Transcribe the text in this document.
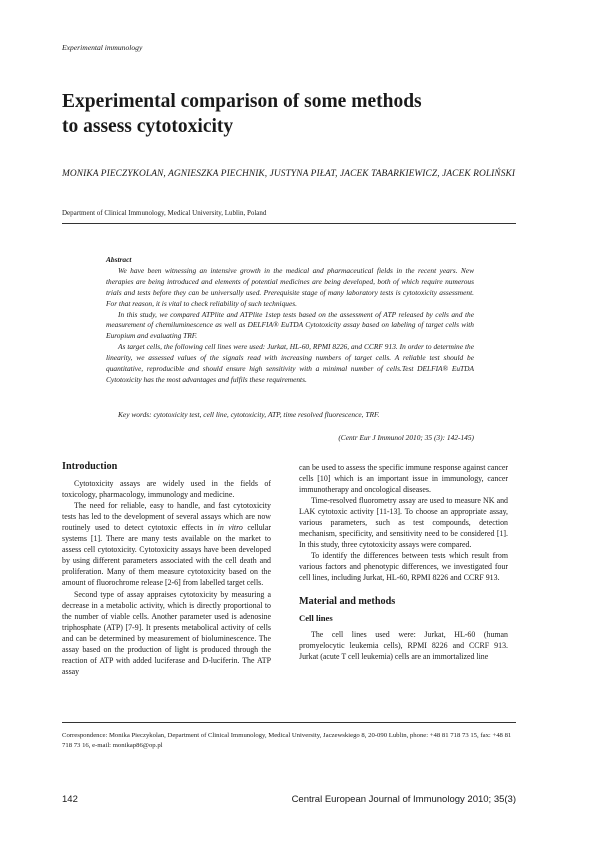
Experimental immunology
Experimental comparison of some methods
to assess cytotoxicity
MONIKA PIECZYKOLAN, AGNIESZKA PIECHNIK, JUSTYNA PIŁAT, JACEK TABARKIEWICZ, JACEK ROLIŃSKI
Department of Clinical Immunology, Medical University, Lublin, Poland

Abstract

We have been witnessing an intensive growth in the medical and pharmaceutical fields in the recent years. New therapies are being introduced and elements of potential medicines are being developed, both of which require numerous trials and tests before they can be universally used. Prerequisite stage of many laboratory tests is cytotoxicity assessment. For that reason, it is vital to check reliability of such techniques.

In this study, we compared ATPlite and ATPlite 1step tests based on the assessment of ATP released by cells and the measurement of chemiluminescence as well as DELFIA® EuTDA Cytotoxicity assay based on labeling of target cells with Europium and evaluating TRF.

As target cells, the following cell lines were used: Jurkat, HL-60, RPMI 8226, and CCRF 913. In order to determine the linearity, we assessed values of the signals read with increasing numbers of target cells. A reliable test should be quantitative, reproducible and should ensure high sensitivity with a minimal number of cells.Test DELFIA® EuTDA Cytotoxicity has the most advantages and fulfils these requirements.

Key words: cytotoxicity test, cell line, cytotoxicity, ATP, time resolved fluorescence, TRF.
(Centr Eur J Immunol 2010; 35 (3): 142-145)
Introduction

Cytotoxicity assays are widely used in the fields of toxicology, pharmacology, immunology and medicine.

The need for reliable, easy to handle, and fast cytotoxicity tests has led to the development of several assays which are now routinely used to detect cytotoxic effects in in vitro cellular systems [1]. There are many tests available on the market to assess cell cytotoxicity. Cytotoxicity assays have been developed by using different parameters associated with the cell death and proliferation. Many of them measure cytotoxicity based on the amount of fluorochrome release [2-6] from labelled target cells.

Second type of assay appraises cytotoxicity by measuring a decrease in a metabolic activity, which is directly proportional to the number of viable cells. Another parameter used is adenosine triphosphate (ATP) [7-9]. It presents metabolical activity of cells and can be determined by measurement of bioluminescence. The assay based on the production of light is produced through the reaction of ATP with added luciferase and D-luciferin. The ATP assay

can be used to assess the specific immune response against cancer cells [10] which is an important issue in immunology, cancer immunotherapy and oncological diseases.

Time-resolved fluorometry assay are used to measure NK and LAK cytotoxic activity [11-13]. To choose an appropriate assay, various parameters, such as test compounds, detection mechanism, specificity, and sensitivity need to be considered [1]. In this study, three cytotoxicity assays were compared.

To identify the differences between tests which result from various factors and phenotypic differences, we investigated four cell lines, including Jurkat, HL-60, RPMI 8226 and CCRF 913.

Material and methods
Cell lines

The cell lines used were: Jurkat, HL-60 (human promyelocytic leukemia cells), RPMI 8226 and CCRF 913. Jurkat (acute T cell leukemia) cells are an immortalized line

Correspondence: Monika Pieczykolan, Department of Clinical Immunology, Medical University, Jaczewskiego 8, 20-090 Lublin, phone: +48 81 718 73 15, fax: +48 81 718 73 16, e-mail: monikap86@op.pl
142	Central European Journal of Immunology 2010; 35(3)
